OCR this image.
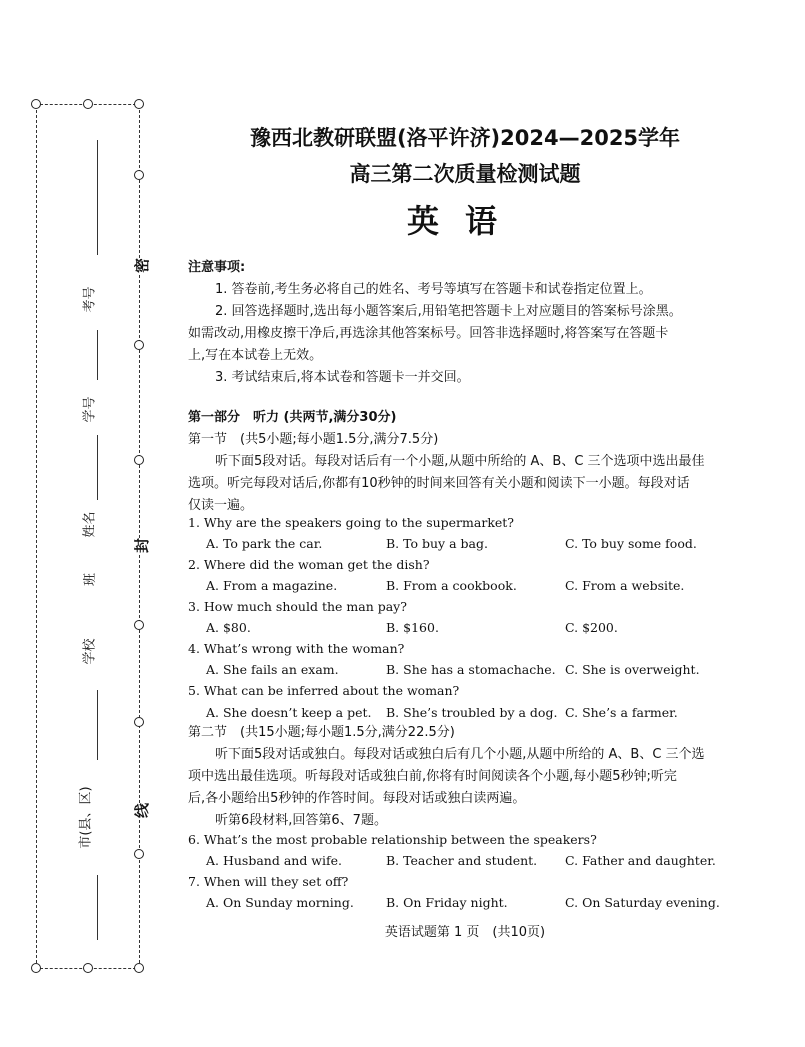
密
封
线
考号
学号
姓名
班
学校
市(县、区)
豫西北教研联盟(洛平许济)2024—2025学年
高三第二次质量检测试题
英语
注意事项:
1. 答卷前,考生务必将自己的姓名、考号等填写在答题卡和试卷指定位置上。
2. 回答选择题时,选出每小题答案后,用铅笔把答题卡上对应题目的答案标号涂黑。
如需改动,用橡皮擦干净后,再选涂其他答案标号。回答非选择题时,将答案写在答题卡
上,写在本试卷上无效。
3. 考试结束后,将本试卷和答题卡一并交回。
第一部分　听力 (共两节,满分30分)
第一节　(共5小题;每小题1.5分,满分7.5分)
听下面5段对话。每段对话后有一个小题,从题中所给的 A、B、C 三个选项中选出最佳
选项。听完每段对话后,你都有10秒钟的时间来回答有关小题和阅读下一小题。每段对话
仅读一遍。
1. Why are the speakers going to the supermarket?
A. To park the car.	B. To buy a bag.	C. To buy some food.
2. Where did the woman get the dish?
A. From a magazine.	B. From a cookbook.	C. From a website.
3. How much should the man pay?
A. $80.	B. $160.	C. $200.
4. What’s wrong with the woman?
A. She fails an exam.	B. She has a stomachache. C. She is overweight.
5. What can be inferred about the woman?
A. She doesn’t keep a pet. B. She’s troubled by a dog. C. She’s a farmer.
第二节　(共15小题;每小题1.5分,满分22.5分)
听下面5段对话或独白。每段对话或独白后有几个小题,从题中所给的 A、B、C 三个选
项中选出最佳选项。听每段对话或独白前,你将有时间阅读各个小题,每小题5秒钟;听完
后,各小题给出5秒钟的作答时间。每段对话或独白读两遍。
听第6段材料,回答第6、7题。
6. What’s the most probable relationship between the speakers?
A. Husband and wife.	B. Teacher and student. C. Father and daughter.
7. When will they set off?
A. On Sunday morning.	B. On Friday night.	C. On Saturday evening.
英语试题第 1 页　(共10页)
